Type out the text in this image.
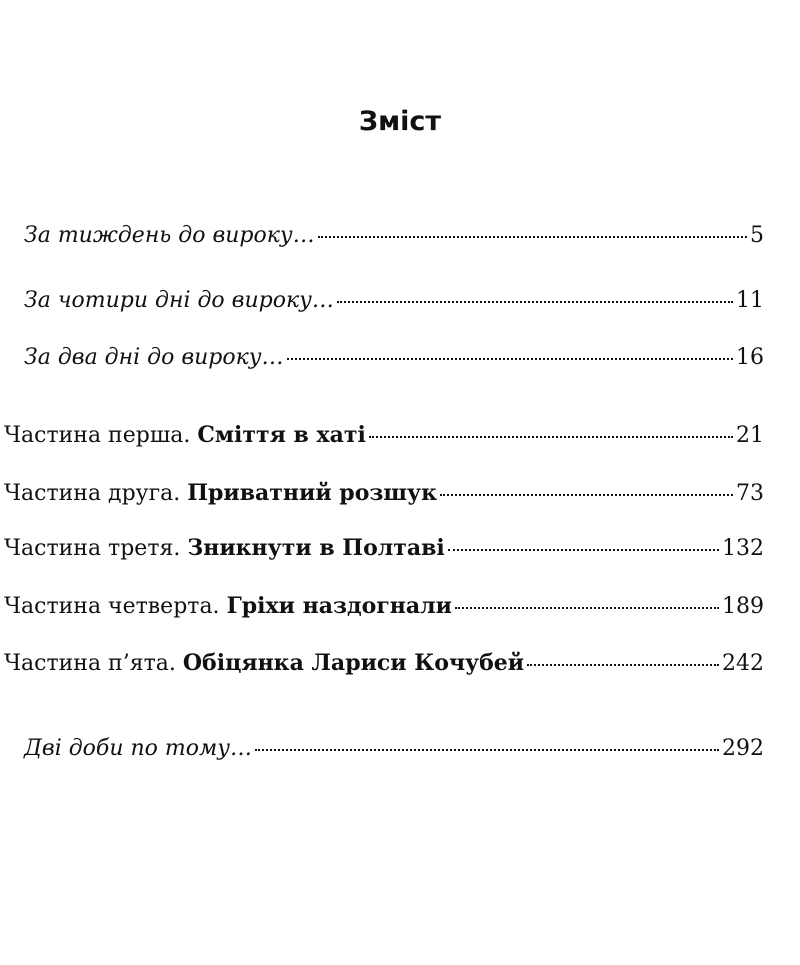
Зміст
За тиждень до вироку…	5
За чотири дні до вироку…	11
За два дні до вироку…	16
Частина перша. Сміття в хаті	21
Частина друга. Приватний розшук	73
Частина третя. Зникнути в Полтаві	132
Частина четверта. Гріхи наздогнали	189
Частина п’ята. Обіцянка Лариси Кочубей	242
Дві доби по тому…	292
